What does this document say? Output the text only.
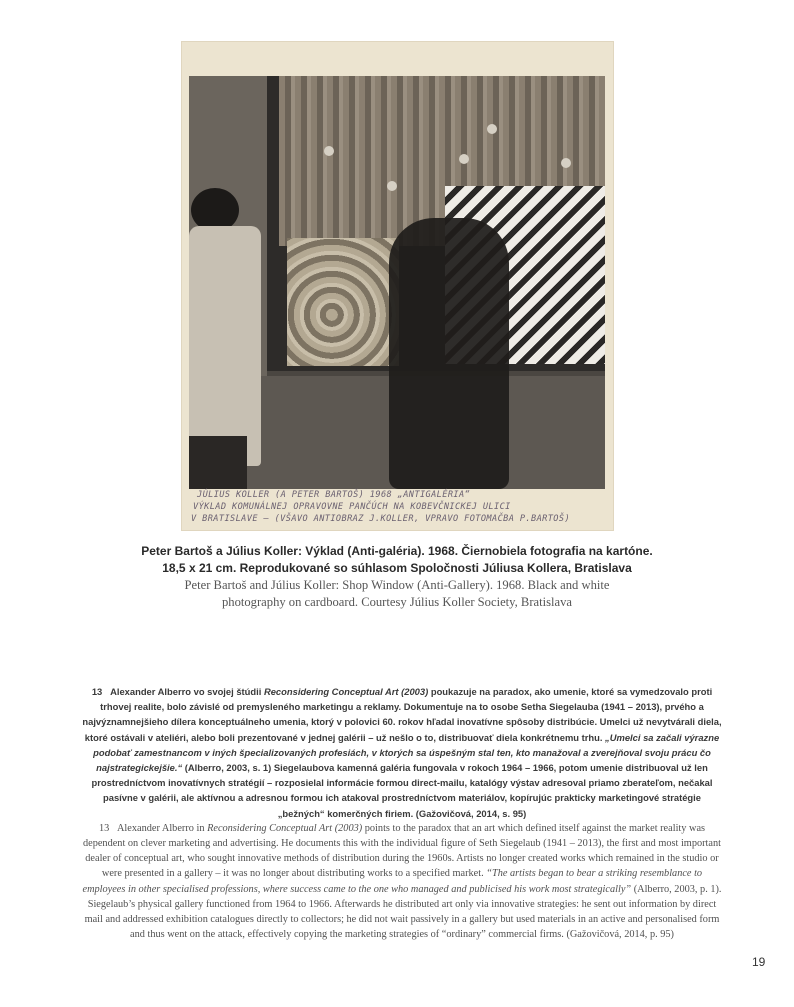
JÚLIUS KOLLER (A PETER BARTOŠ) 1968 „ANTIGALÉRIA“
VÝKLAD KOMUNÁLNEJ OPRAVOVNE PANČÚCH NA KOBEVČNICKEJ ULICI
V BRATISLAVE – (VŠAVO ANTIOBRAZ J.KOLLER, VPRAVO FOTOMAČBA P.BARTOŠ)
Peter Bartoš a Július Koller: Výklad (Anti-galéria). 1968. Čiernobiela fotografia na kartóne.
18,5 x 21 cm. Reprodukované so súhlasom Spoločnosti Júliusa Kollera, Bratislava
Peter Bartoš and Július Koller: Shop Window (Anti-Gallery). 1968. Black and white
photography on cardboard. Courtesy Július Koller Society, Bratislava

13 Alexander Alberro vo svojej štúdii Reconsidering Conceptual Art (2003) poukazuje na paradox, ako umenie, ktoré sa vymedzovalo proti trhovej realite, bolo závislé od premysleného marketingu a reklamy. Dokumentuje na to osobe Setha Siegelauba (1941 – 2013), prvého a najvýznamnejšieho dílera konceptuálneho umenia, ktorý v polovici 60. rokov hľadal inovatívne spôsoby distribúcie. Umelci už nevytvárali diela, ktoré ostávali v ateliéri, alebo boli prezentované v jednej galérii – už nešlo o to, distribuovať diela konkrétnemu trhu. „Umelci sa začali výrazne podobať zamestnancom v iných špecializovaných profesiách, v ktorých sa úspešným stal ten, kto manažoval a zverejňoval svoju prácu čo najstrategickejšie.“ (Alberro, 2003, s. 1) Siegelaubova kamenná galéria fungovala v rokoch 1964 – 1966, potom umenie distribuoval už len prostredníctvom inovatívnych stratégií – rozposielal informácie formou direct-mailu, katalógy výstav adresoval priamo zberateľom, nečakal pasívne v galérii, ale aktívnou a adresnou formou ich atakoval prostredníctvom materiálov, kopírujúc prakticky marketingové stratégie „bežných“ komerčných firiem. (Gažovičová, 2014, s. 95)

13 Alexander Alberro in Reconsidering Conceptual Art (2003) points to the paradox that an art which defined itself against the market reality was dependent on clever marketing and advertising. He documents this with the individual figure of Seth Siegelaub (1941 – 2013), the first and most important dealer of conceptual art, who sought innovative methods of distribution during the 1960s. Artists no longer created works which remained in the studio or were presented in a gallery – it was no longer about distributing works to a specified market. “The artists began to bear a striking resemblance to employees in other specialised professions, where success came to the one who managed and publicised his work most strategically” (Alberro, 2003, p. 1). Siegelaub’s physical gallery functioned from 1964 to 1966. Afterwards he distributed art only via innovative strategies: he sent out information by direct mail and addressed exhibition catalogues directly to collectors; he did not wait passively in a gallery but used materials in an active and personalised form and thus went on the attack, effectively copying the marketing strategies of “ordinary” commercial firms. (Gažovičová, 2014, p. 95)

19
